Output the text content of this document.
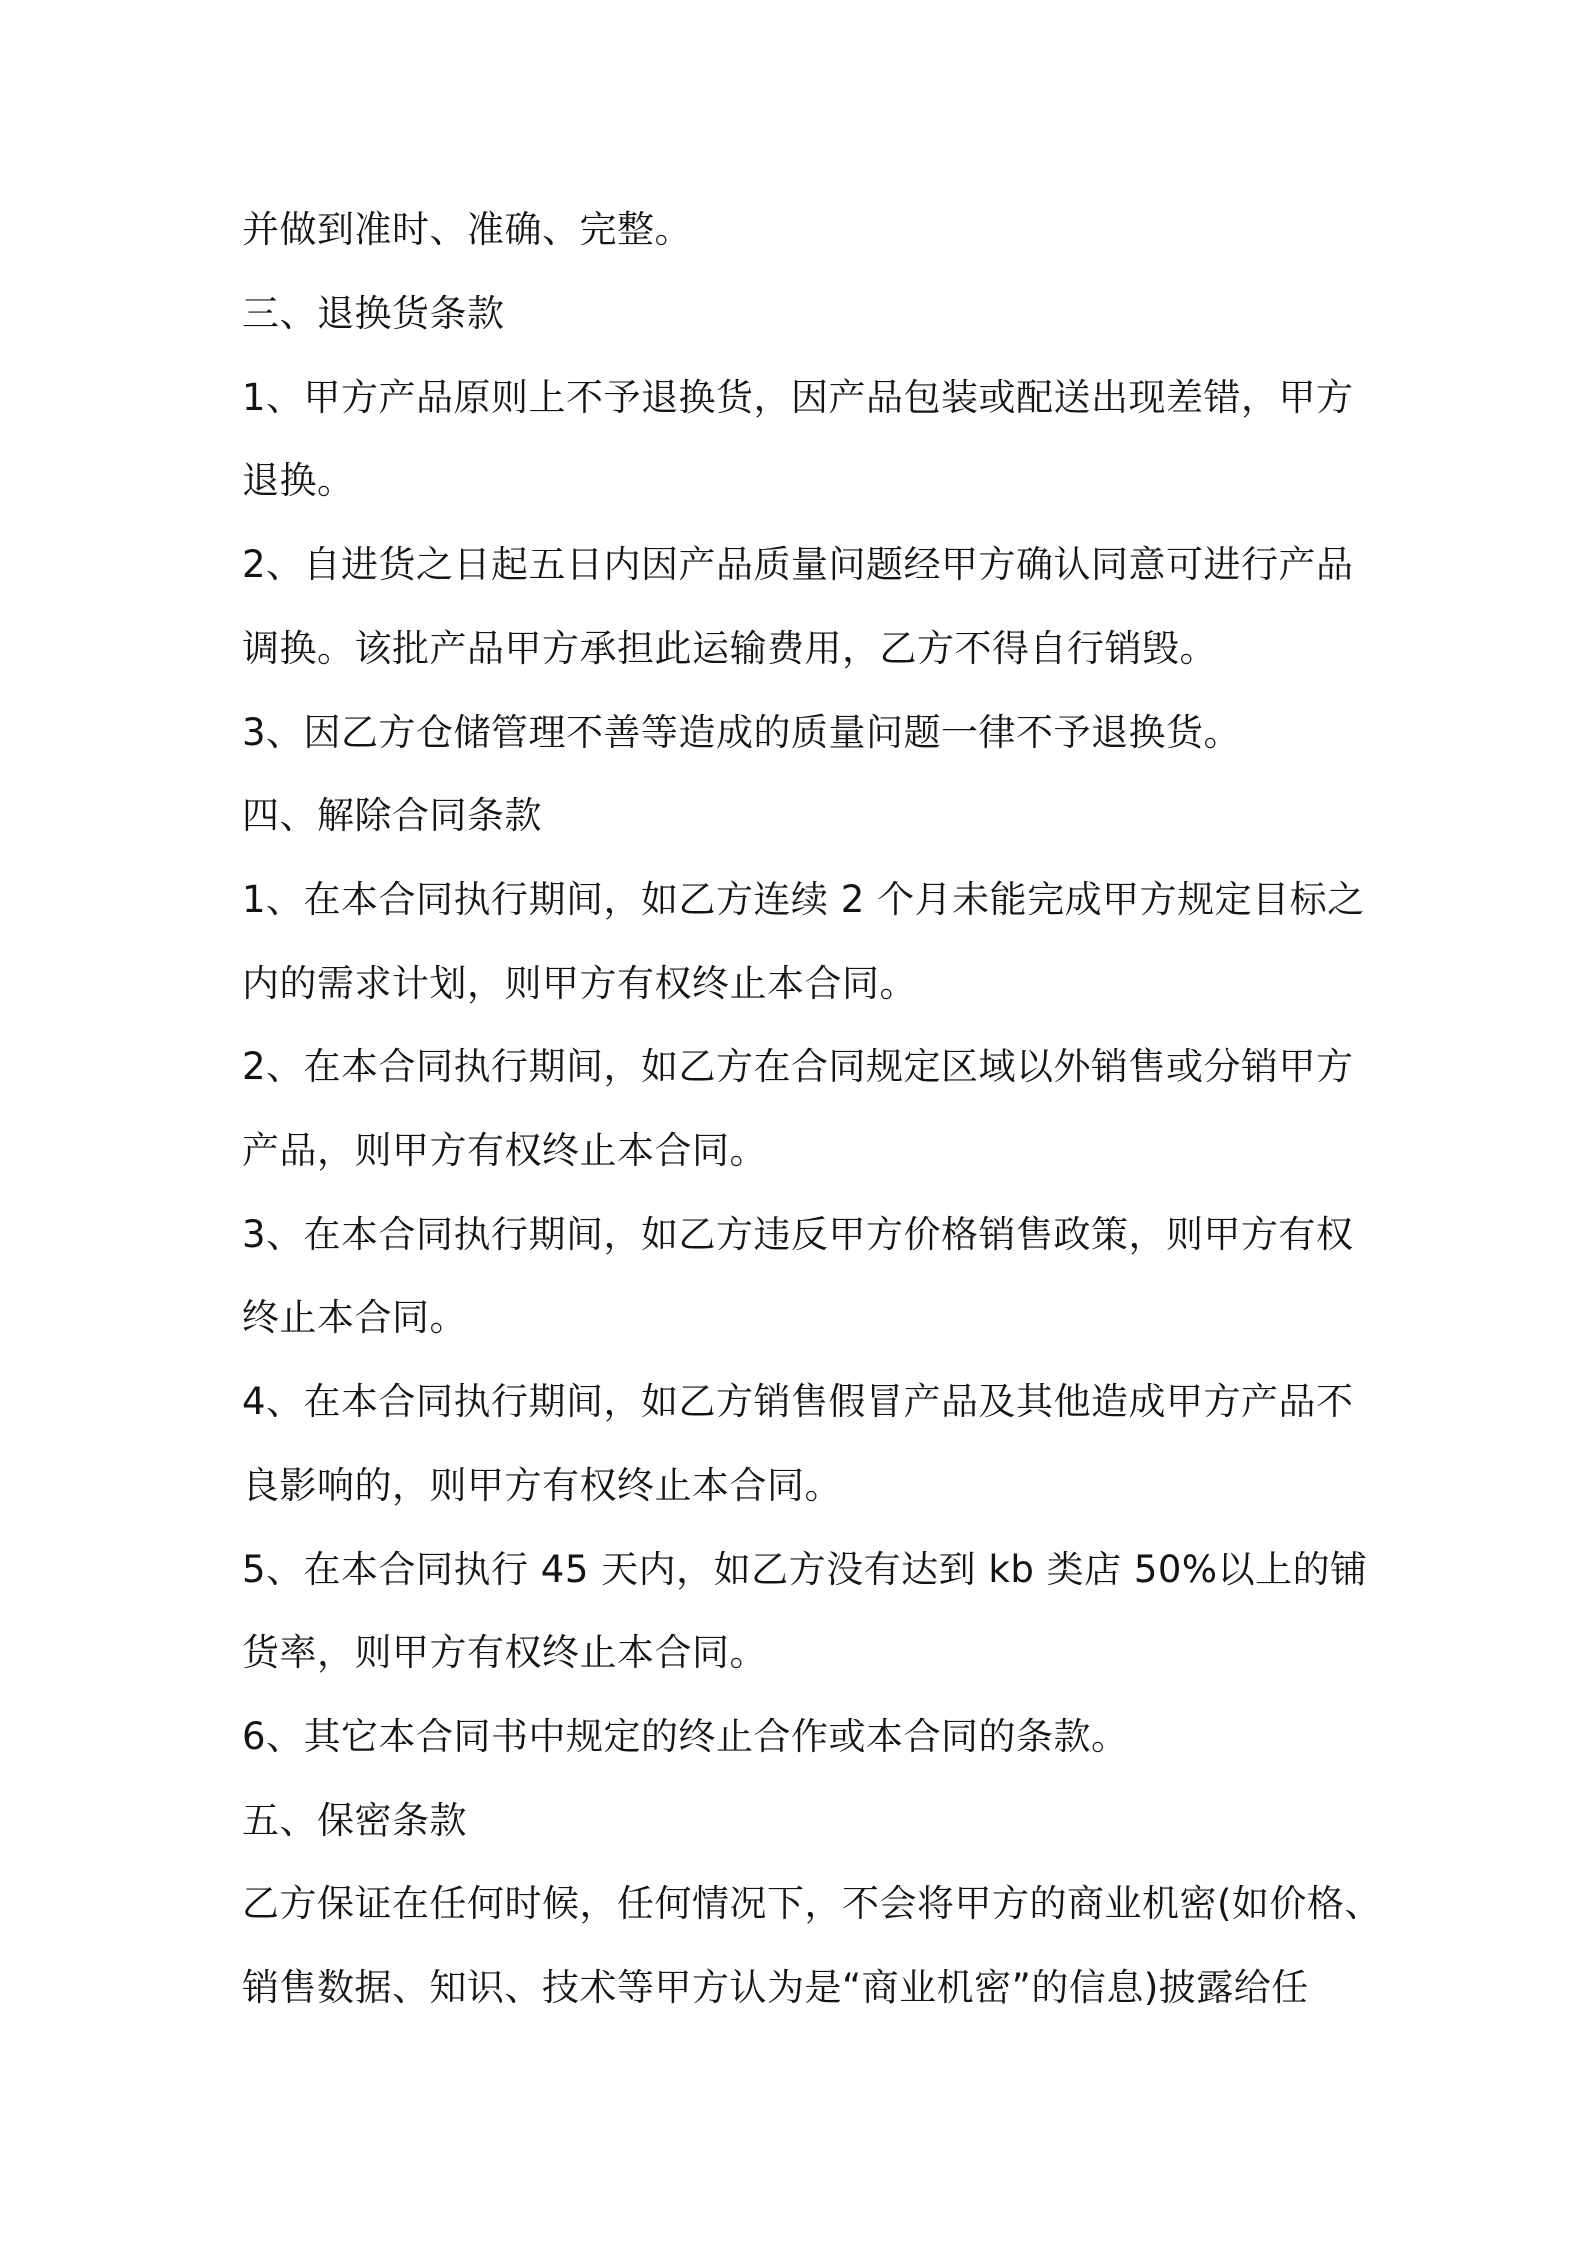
并做到准时、准确、完整。
三、退换货条款
1、甲方产品原则上不予退换货，因产品包装或配送出现差错，甲方
退换。
2、自进货之日起五日内因产品质量问题经甲方确认同意可进行产品
调换。该批产品甲方承担此运输费用，乙方不得自行销毁。
3、因乙方仓储管理不善等造成的质量问题一律不予退换货。
四、解除合同条款
1、在本合同执行期间，如乙方连续 2 个月未能完成甲方规定目标之
内的需求计划，则甲方有权终止本合同。
2、在本合同执行期间，如乙方在合同规定区域以外销售或分销甲方
产品，则甲方有权终止本合同。
3、在本合同执行期间，如乙方违反甲方价格销售政策，则甲方有权
终止本合同。
4、在本合同执行期间，如乙方销售假冒产品及其他造成甲方产品不
良影响的，则甲方有权终止本合同。
5、在本合同执行 45 天内，如乙方没有达到 kb 类店 50%以上的铺
货率，则甲方有权终止本合同。
6、其它本合同书中规定的终止合作或本合同的条款。
五、保密条款
乙方保证在任何时候，任何情况下，不会将甲方的商业机密(如价格、
销售数据、知识、技术等甲方认为是“商业机密”的信息)披露给任
